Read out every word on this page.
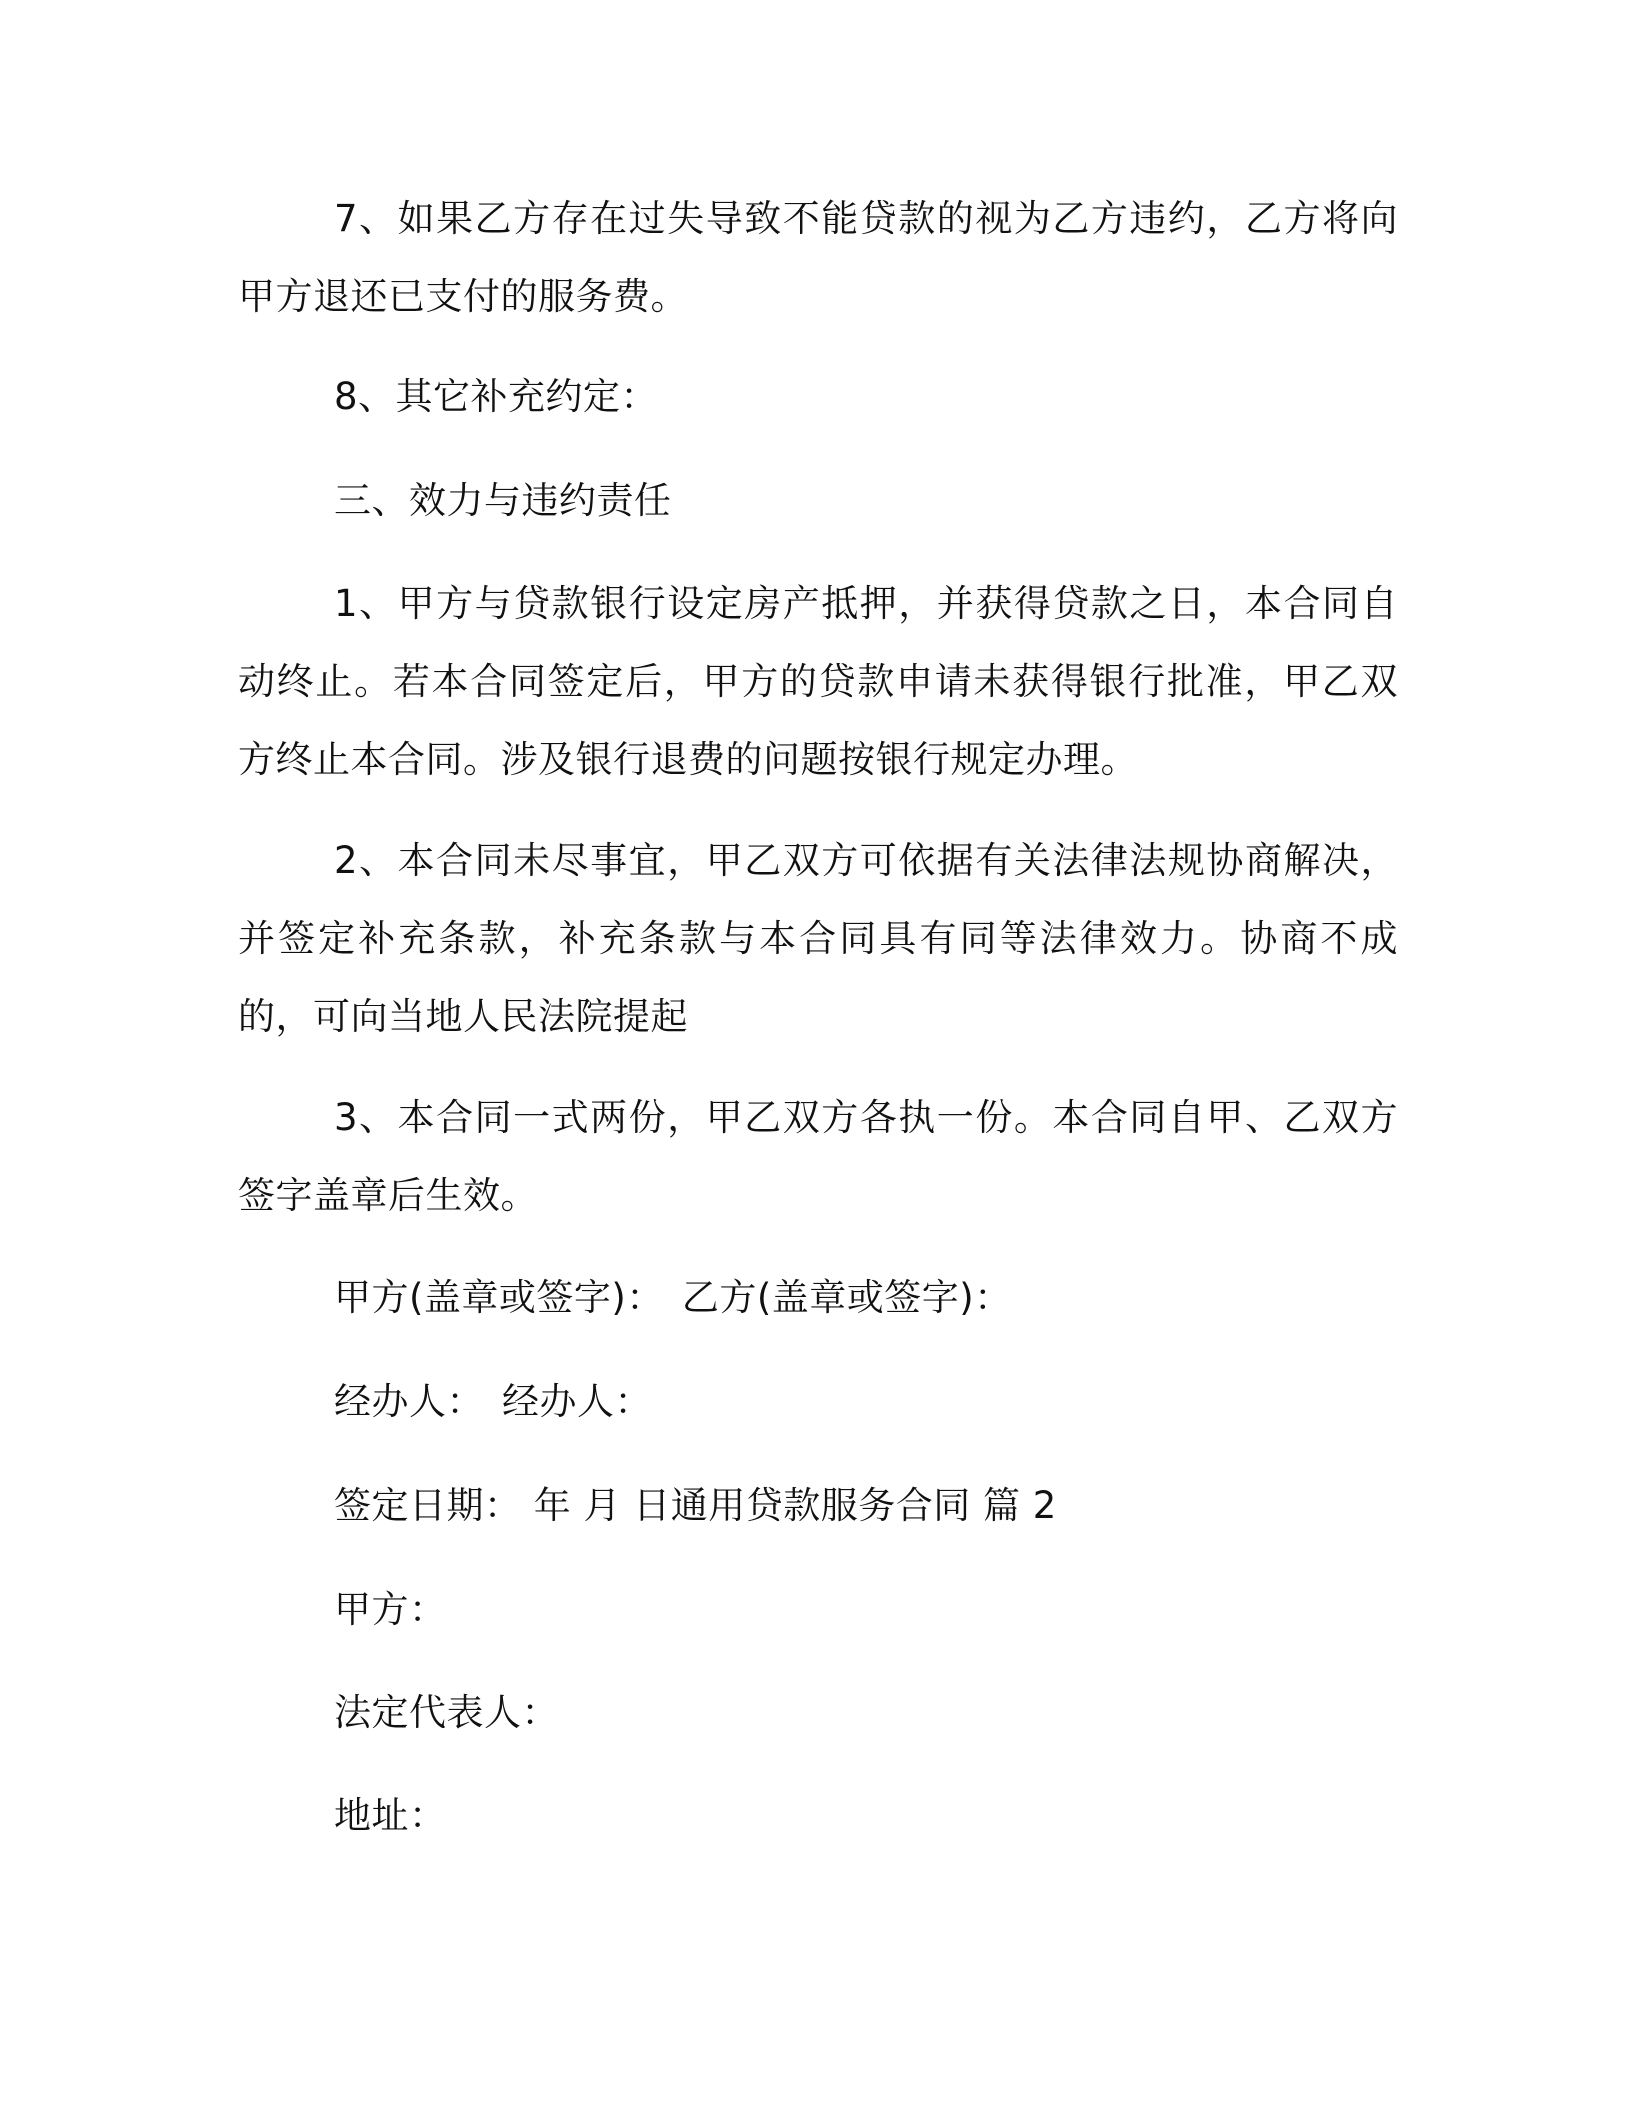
7、如果乙方存在过失导致不能贷款的视为乙方违约，乙方将向甲方退还已支付的服务费。

8、其它补充约定：

三、效力与违约责任

1、甲方与贷款银行设定房产抵押，并获得贷款之日，本合同自动终止。若本合同签定后，甲方的贷款申请未获得银行批准，甲乙双方终止本合同。涉及银行退费的问题按银行规定办理。

2、本合同未尽事宜，甲乙双方可依据有关法律法规协商解决，并签定补充条款，补充条款与本合同具有同等法律效力。协商不成的，可向当地人民法院提起

3、本合同一式两份，甲乙双方各执一份。本合同自甲、乙双方签字盖章后生效。

甲方(盖章或签字)： 乙方(盖章或签字)：
经办人： 经办人：
签定日期： 年 月 日通用贷款服务合同 篇 2
甲方：
法定代表人：
地址：
